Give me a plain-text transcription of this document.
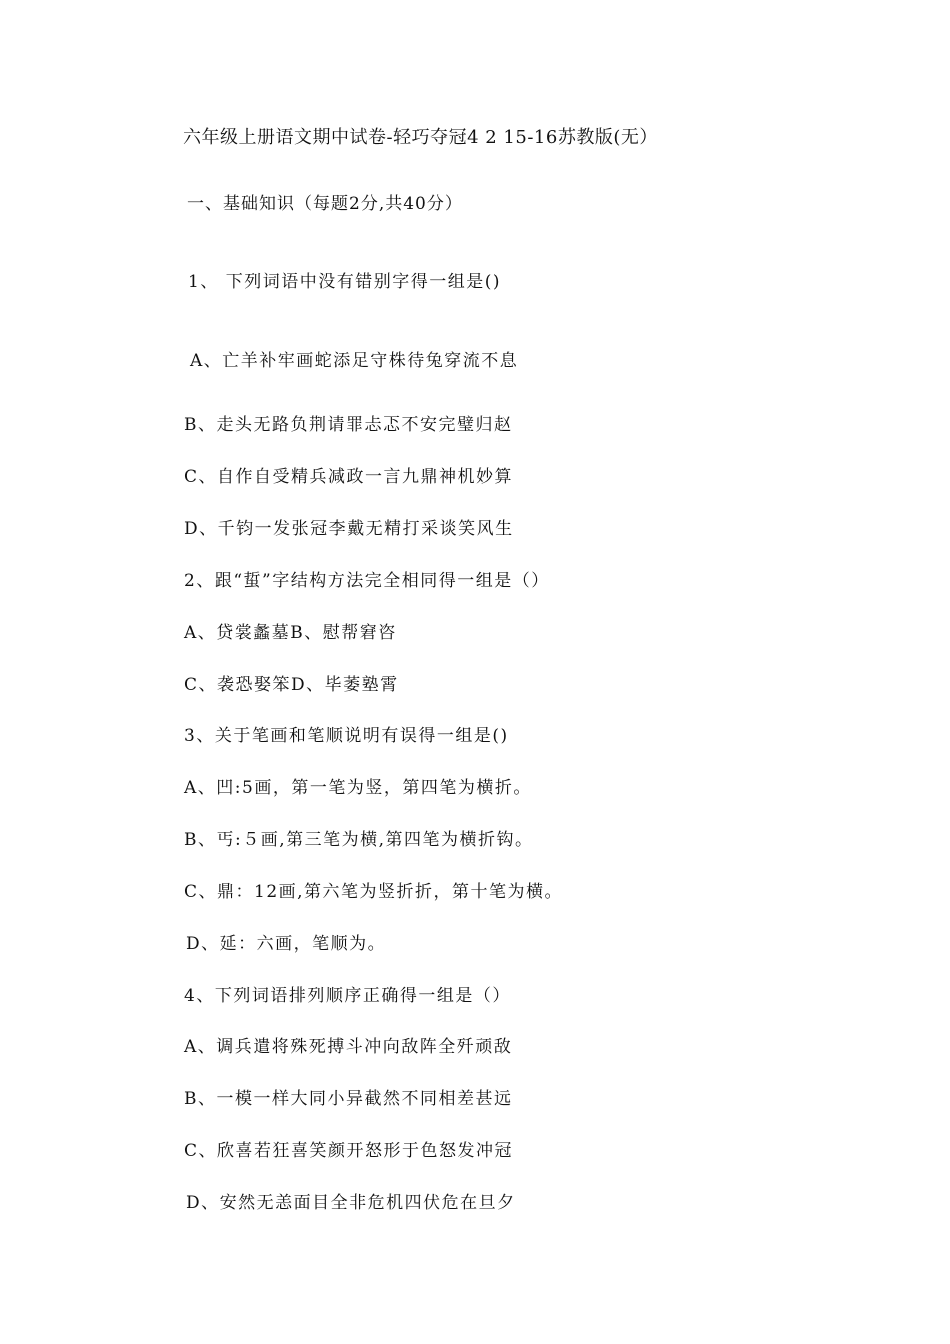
六年级上册语文期中试卷-轻巧夺冠4 2 15-16苏教版(无）
一、基础知识（每题2分,共40分）
1、 下列词语中没有错别字得一组是()
A、亡羊补牢画蛇添足守株待兔穿流不息
B、走头无路负荆请罪忐忑不安完璧归赵
C、自作自受精兵减政一言九鼎神机妙算
D、千钧一发张冠李戴无精打采谈笑风生
2、跟“蜇”字结构方法完全相同得一组是（）
A、贷裳蠡墓B、慰帮窘咨
C、袭恐娶笨D、毕萎塾霄
3、关于笔画和笔顺说明有误得一组是()
A、凹:5画，第一笔为竖，第四笔为横折。
B、丐:５画,第三笔为横,第四笔为横折钩。
C、鼎：12画,第六笔为竖折折，第十笔为横。
D、延：六画，笔顺为。
4、下列词语排列顺序正确得一组是（）
A、调兵遣将殊死搏斗冲向敌阵全歼顽敌
B、一模一样大同小异截然不同相差甚远
C、欣喜若狂喜笑颜开怒形于色怒发冲冠
D、安然无恙面目全非危机四伏危在旦夕
